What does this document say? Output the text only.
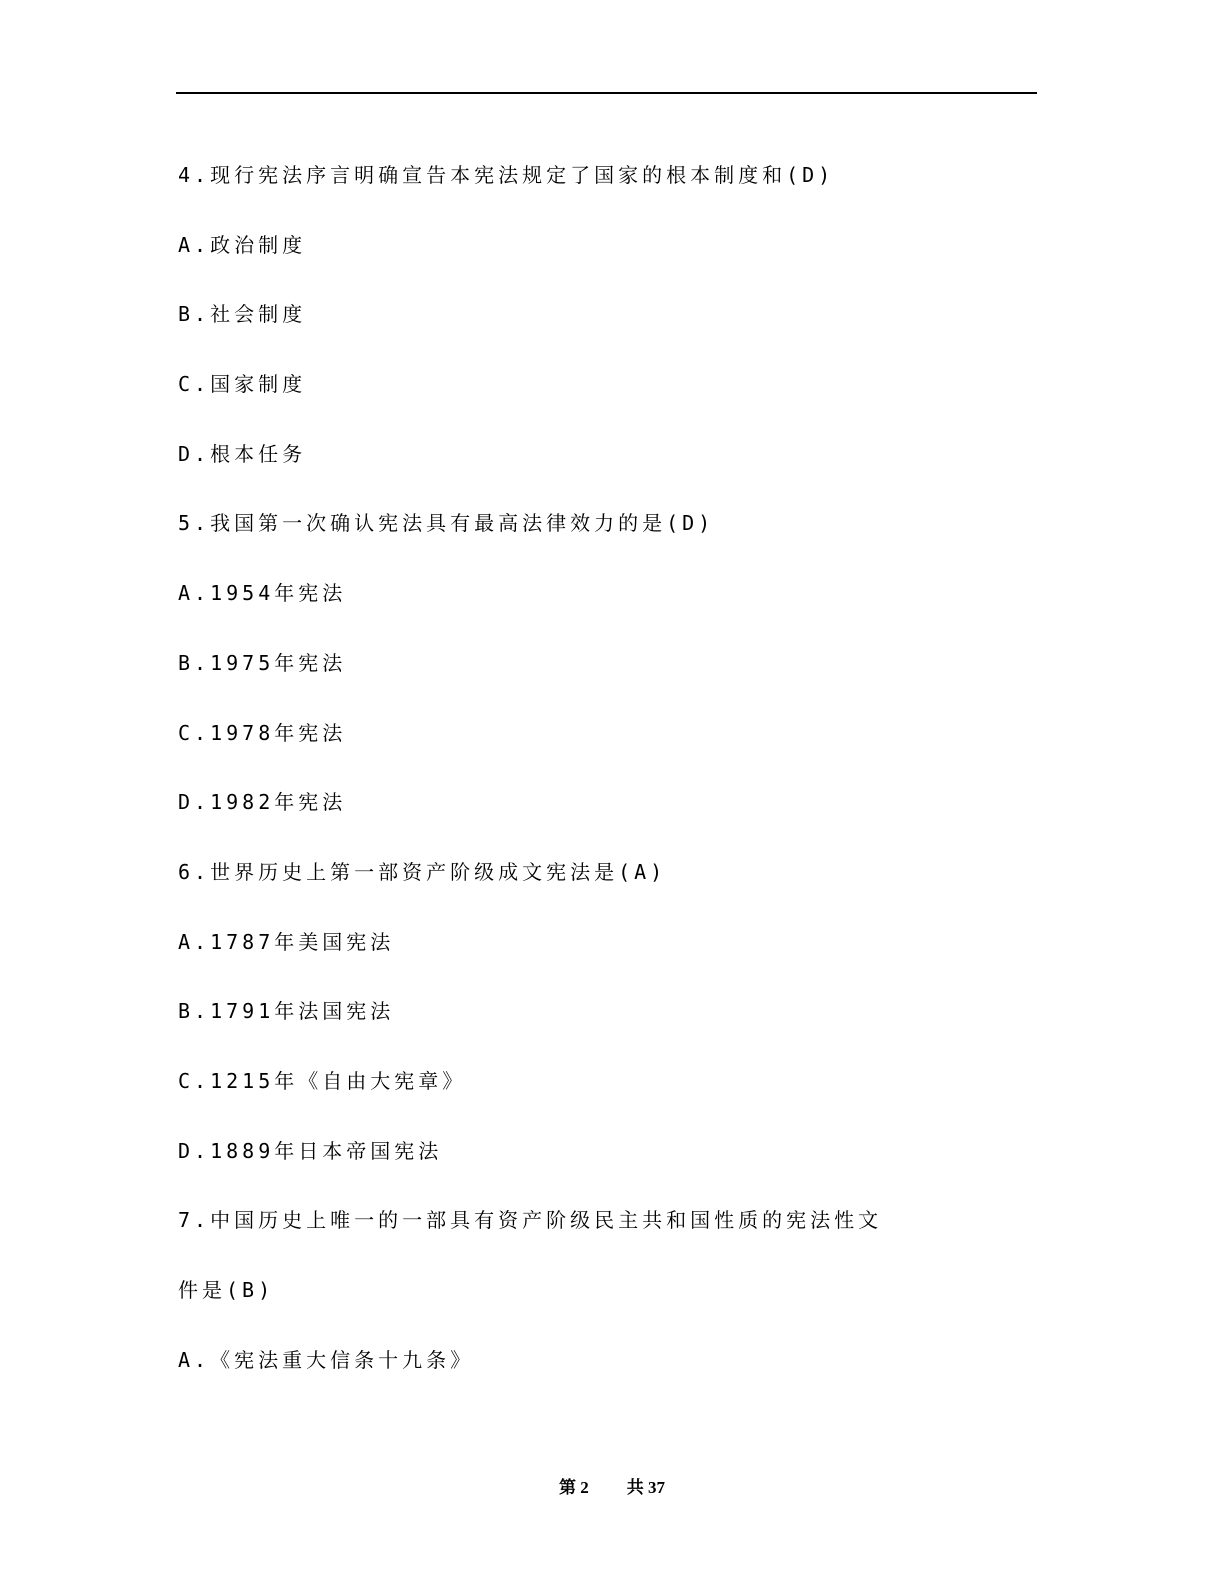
4.现行宪法序言明确宣告本宪法规定了国家的根本制度和(D)
A.政治制度
B.社会制度
C.国家制度
D.根本任务
5.我国第一次确认宪法具有最高法律效力的是(D)
A.1954年宪法
B.1975年宪法
C.1978年宪法
D.1982年宪法
6.世界历史上第一部资产阶级成文宪法是(A)
A.1787年美国宪法
B.1791年法国宪法
C.1215年《自由大宪章》
D.1889年日本帝国宪法
7.中国历史上唯一的一部具有资产阶级民主共和国性质的宪法性文
件是(B)
A.《宪法重大信条十九条》
第 2 共 37
